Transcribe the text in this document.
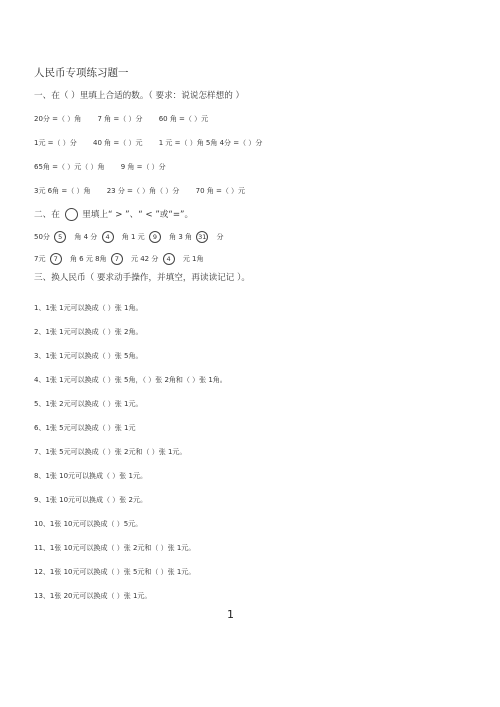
人民币专项练习题一
一、在（ ）里填上合适的数。（ 要求：说说怎样想的 ）
20分 =（ ）角 7 角 =（ ）分 60 角 =（ ）元
1元 =（ ）分 40 角 =（ ）元 1 元 =（ ）角 5角 4分 =（ ）分
65角 =（ ）元（ ）角 9 角 =（ ）分
3元 6角 =（ ）角 23 分 =（ ）角（ ）分 70 角 =（ ）元
二、在	里填上“ > ”、“ < ”或“=”。
50分 5 角 4 分 4 角 1 元 9 角 3 角 31 分
7元 7 角 6 元 8角 7 元 42 分 4 元 1角
三、换人民币（ 要求动手操作，并填空，再读读记记 ）。
1、1张 1元可以换成（ ）张 1角。
2、1张 1元可以换成（ ）张 2角。
3、1张 1元可以换成（ ）张 5角。
4、1张 1元可以换成（ ）张 5角，（ ）张 2角和（ ）张 1角。
5、1张 2元可以换成（ ）张 1元。
6、1张 5元可以换成（ ）张 1元
7、1张 5元可以换成（ ）张 2元和（ ）张 1元。
8、1张 10元可以换成（ ）张 1元。
9、1张 10元可以换成（ ）张 2元。
10、1张 10元可以换成（ ）5元。
11、1张 10元可以换成（ ）张 2元和（ ）张 1元。
12、1张 10元可以换成（ ）张 5元和（ ）张 1元。
13、1张 20元可以换成（ ）张 1元。
1
